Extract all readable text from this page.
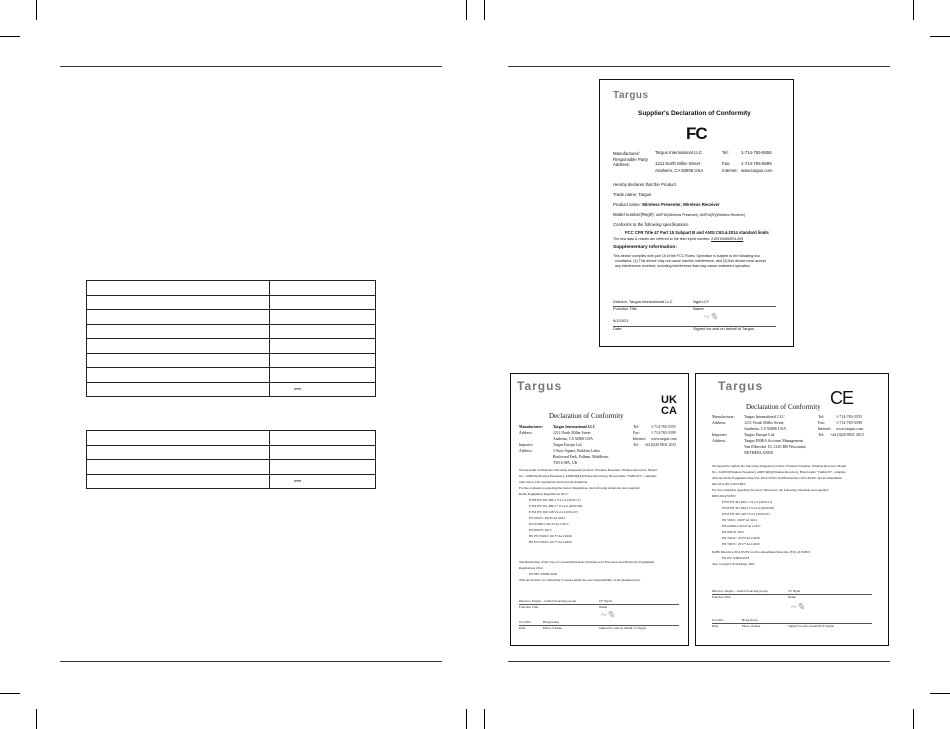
	⎓

	⎓
Targus
Supplier's Declaration of Conformity
FC
Manufacturer/ Responsible Party Address:
Targus International LLC
1211 North Miller Street
Anaheim, CA 92806 USA
Tel:	1-714-765-5555
Fax: 1-714-765-5599
Internet: www.targus.com
Hereby declares that the Product
Trade name: Targus
Product name: Wireless Presenter, Wireless Receiver
Model number(Reg#): AMP16(Wireless Presenter), AMP16(R)(Wireless Receiver)
Conforms to the following specifications
FCC CFR Title 47 Part 15 Subpart B and ANSI C63.4-2014 standard limits
The test data & results are referred to the test report number: 2109190800EN-009
Supplementary Information:
This device complies with part 15 of the FCC Rules. Operation is subject to the following two
conditions: (1) This device may not cause harmful interference, and (2) this device must accept
any interference received, including interference that may cause undesired operation.
Director, Targus International LLC	Nguh,CF
Function Title	Name
9/1/2021	~✎
Date	Signed for and on behalf of Targus
Targus
UK
CA
Declaration of Conformity
Manufacturer:	Targus International LLC
Address:	1211 North Miller Street
Anaheim, CA 92806 USA
Importer:	Targus Europe Ltd.
Address:	3 Stow Square, Embletn Lakes
Boulevard Park, Fulham, Middlesex,
TW16 6PA, UK
Tel:	1-714-765-5555
Fax:	1-714-765-5599
Internet: www.targus.com
Tel: +44 (0)20 8831 2015
We herewith confirm the following designated product: Wireless Presenter, Wireless Receiver, Model
No.: AMP16(Wireless Presenter), AMP16(R)(Wireless Receiver), Brand name "TARGUS", complies
with below UK regulations and relevant standards:
For the evaluation regarding the below Regulation, the following standards were applied:
Radio Equipment Regulations 2017:
ETSI EN 301 489-1 V2.2.3 (2019-11)
ETSI EN 301 489-17 V3.2.4 (2020-09)
ETSI EN 300 328 V2.2.2 (2019-07)
EN 50321: 2018+A1:2021
EN 62368-1:2014+A11:2017
EN 60479: 2015
BS EN 55032: 2015+A11:2020
BS EN 55035: 2017+A11:2020
The Restriction of the Use of Certain Hazardous Substances in Electrical and Electronic Equipment
Regulations 2012
EN IEC 63000:2018
This declaration of conformity is issued under the sole responsibility of the manufacturer.
Director, Targus – Global Sourcing Group	CF Ngoh
Function Title	Name
~✎
9/1/2021	Hong Kong
Date	Place of Issue	Signed for and on behalf of Targus
Targus
CE
Declaration of Conformity
Manufacturer: Targus International LLC
Address:	1211 North Miller Street,
Anaheim, CA 92806 USA
Importer:	Targus Europe Ltd.
Address:	Targus EMEA Account Management
Van Elbercket 19, 2145 RR Wisconsin,
NETHERLANDS
Tel:	1-714-765-5555
Fax:	1-714-765-5599
Internet: www.targus.com
Tel: +44 (0)20 8831 2015
We herewith confirm the following designated product: Wireless Presenter, Wireless Receiver, Model
No.: AMP16(Wireless Presenter), AMP16(R)(Wireless Receiver), Brand name "TARGUS", complies
with the Radio Equipment Directive 2014/53/EU, RoHS Directive 2011/65/EU and its amendment
Directive (EU) 2015/863.
For the evaluation regarding the above Directives, the following standards were applied:
RED 2014/53/EU:
ETSI EN 301 489-1 V2.2.3 (2019-11)
ETSI EN 301 489-17 V3.2.4 (2020-09)
ETSI EN 300 328 V2.2.2 (2019-07)
EN 50321: 2018+A1:2021
EN 62368-1:2014+A11:2017
EN 60479: 2015
EN 55032 : 2015+A11:2020
EN 55035 : 2017+A11:2020
RoHS Directive 2011/65/EU and its amendment Directive (EU) 2015/863:
EN IEC 63000:2018
Year to begin CE marking: 2021
Director, Targus – Global Sourcing Group	CF Ngoh
Function Title	Name
~✎
9/1/2021	Hong Kong
Date	Place of Issue	Signed for and on behalf of Targus
